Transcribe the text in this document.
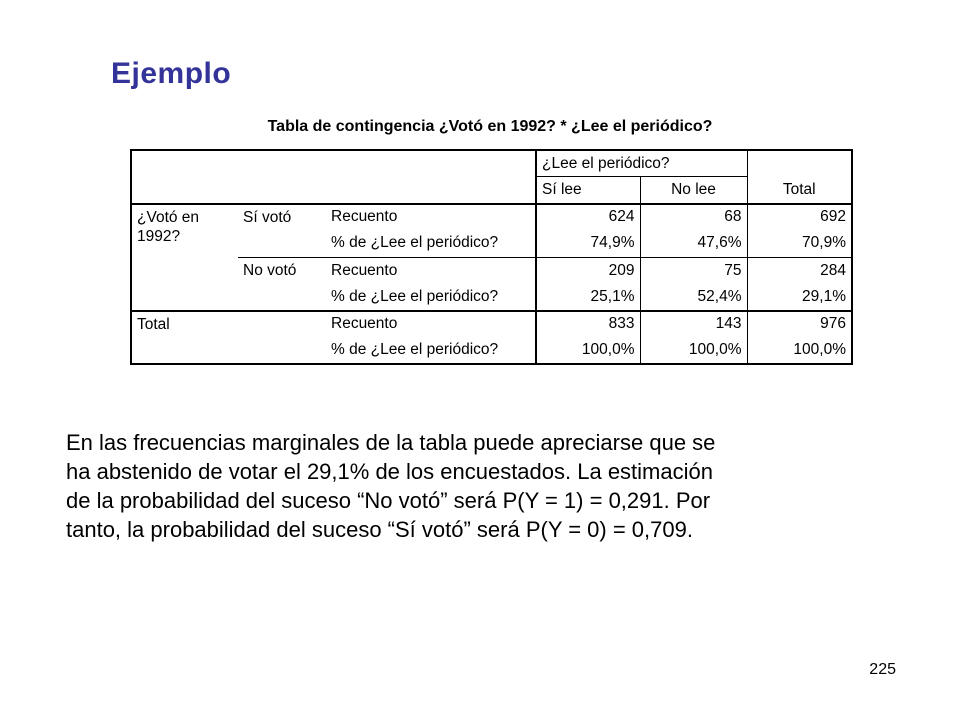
Ejemplo
Tabla de contingencia ¿Votó en 1992? * ¿Lee el periódico?
			¿Lee el periódico?		Total
			Sí lee	No lee	

¿Votó en 1992?	Sí votó	Recuento	624	68	692
		% de ¿Lee el periódico?	74,9%	47,6%	70,9%
	No votó	Recuento	209	75	284
		% de ¿Lee el periódico?	25,1%	52,4%	29,1%
Total		Recuento	833	143	976
		% de ¿Lee el periódico?	100,0%	100,0%	100,0%

En las frecuencias marginales de la tabla puede apreciarse que se
ha abstenido de votar el 29,1% de los encuestados. La estimación
de la probabilidad del suceso “No votó” será P(Y = 1) = 0,291. Por
tanto, la probabilidad del suceso “Sí votó” será P(Y = 0) = 0,709.

225
